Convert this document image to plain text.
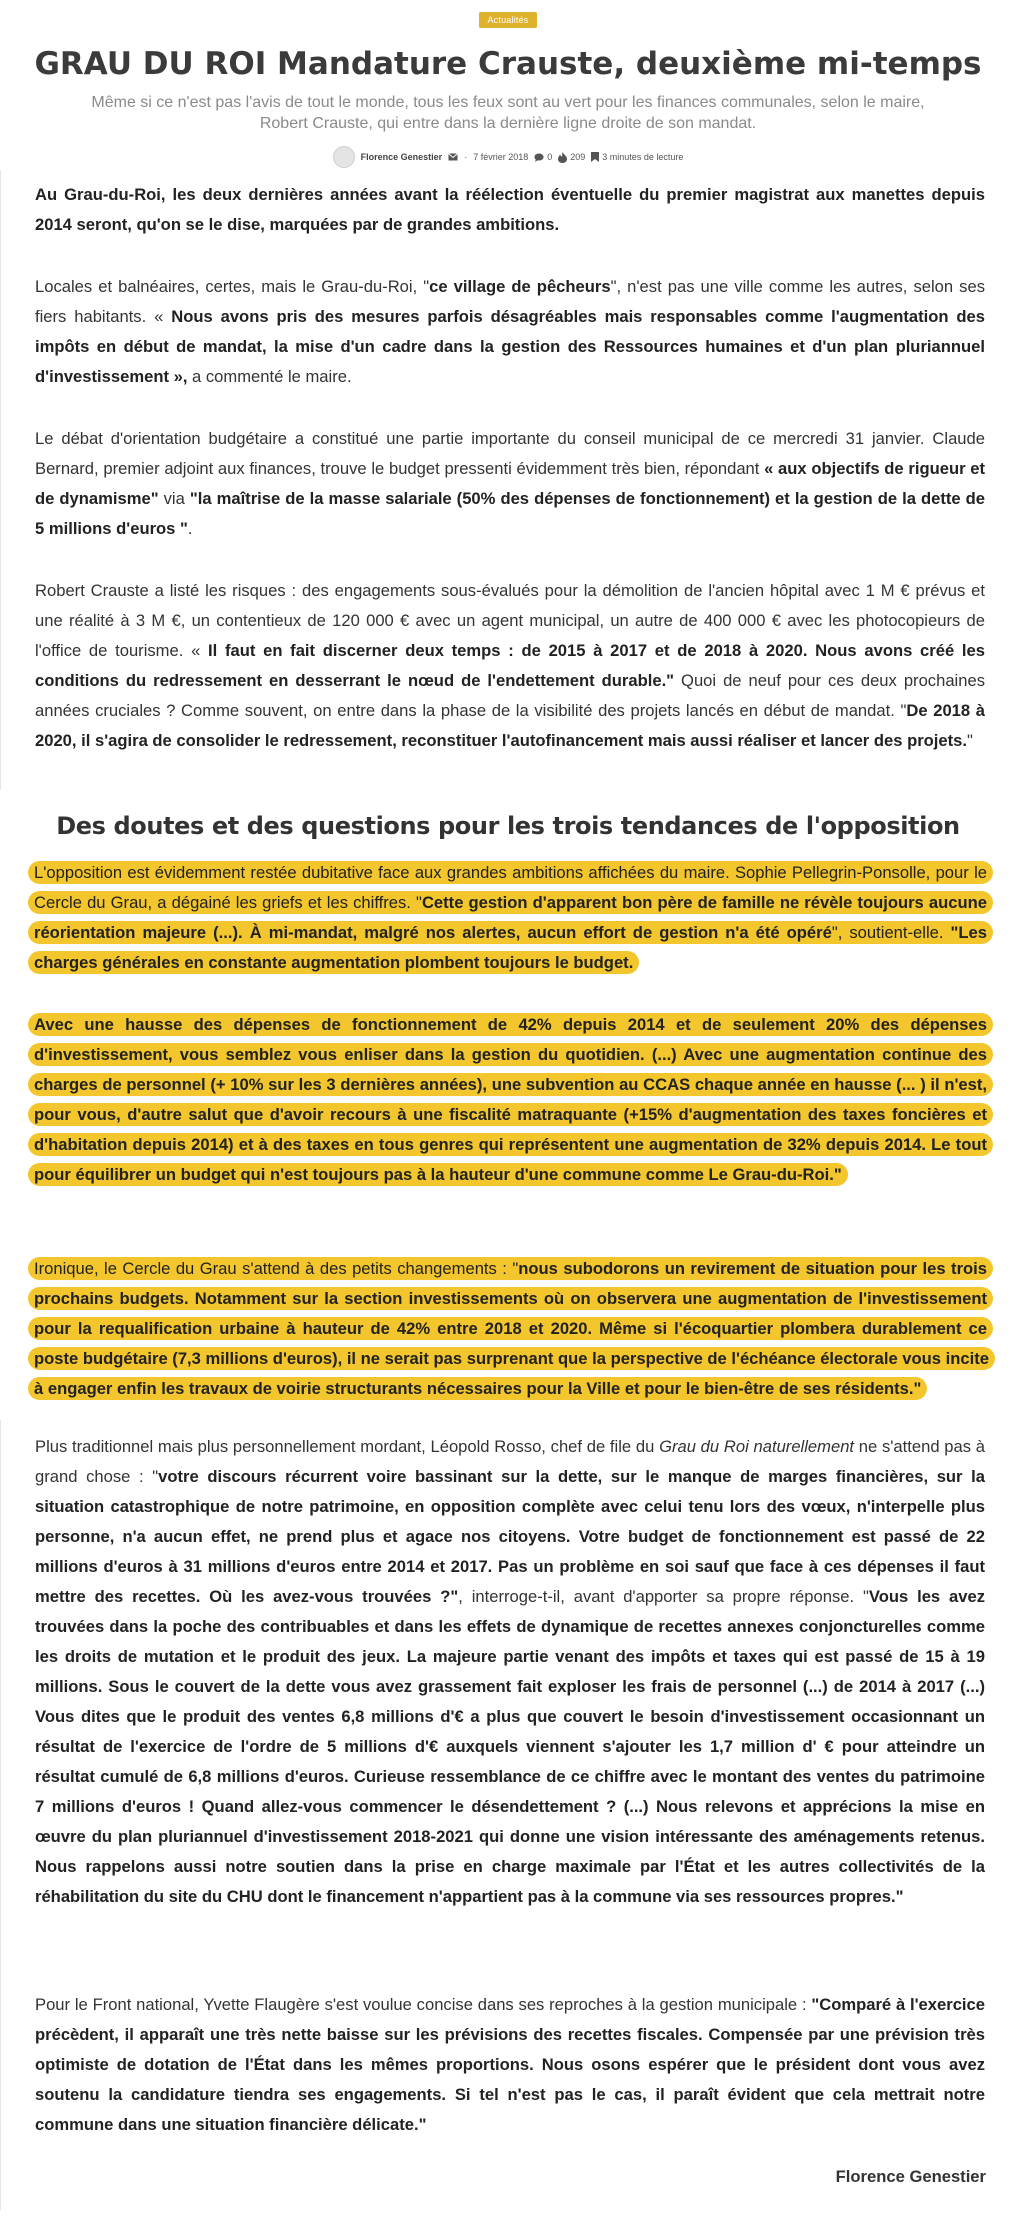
Actualités
GRAU DU ROI Mandature Crauste, deuxième mi-temps
Même si ce n'est pas l'avis de tout le monde, tous les feux sont au vert pour les finances communales, selon le maire, Robert Crauste, qui entre dans la dernière ligne droite de son mandat.
Florence Genestier · 7 février 2018 0 209 3 minutes de lecture

Au Grau-du-Roi, les deux dernières années avant la réélection éventuelle du premier magistrat aux manettes depuis 2014 seront, qu'on se le dise, marquées par de grandes ambitions.

Locales et balnéaires, certes, mais le Grau-du-Roi, "ce village de pêcheurs", n'est pas une ville comme les autres, selon ses fiers habitants. « Nous avons pris des mesures parfois désagréables mais responsables comme l'augmentation des impôts en début de mandat, la mise d'un cadre dans la gestion des Ressources humaines et d'un plan pluriannuel d'investissement », a commenté le maire.

Le débat d'orientation budgétaire a constitué une partie importante du conseil municipal de ce mercredi 31 janvier. Claude Bernard, premier adjoint aux finances, trouve le budget pressenti évidemment très bien, répondant « aux objectifs de rigueur et de dynamisme" via "la maîtrise de la masse salariale (50% des dépenses de fonctionnement) et la gestion de la dette de 5 millions d'euros ".

Robert Crauste a listé les risques : des engagements sous-évalués pour la démolition de l'ancien hôpital avec 1 M € prévus et une réalité à 3 M €, un contentieux de 120 000 € avec un agent municipal, un autre de 400 000 € avec les photocopieurs de l'office de tourisme. « Il faut en fait discerner deux temps : de 2015 à 2017 et de 2018 à 2020. Nous avons créé les conditions du redressement en desserrant le nœud de l'endettement durable." Quoi de neuf pour ces deux prochaines années cruciales ? Comme souvent, on entre dans la phase de la visibilité des projets lancés en début de mandat. "De 2018 à 2020, il s'agira de consolider le redressement, reconstituer l'autofinancement mais aussi réaliser et lancer des projets."

Des doutes et des questions pour les trois tendances de l'opposition

L'opposition est évidemment restée dubitative face aux grandes ambitions affichées du maire. Sophie Pellegrin-Ponsolle, pour le Cercle du Grau, a dégainé les griefs et les chiffres. "Cette gestion d'apparent bon père de famille ne révèle toujours aucune réorientation majeure (...). À mi-mandat, malgré nos alertes, aucun effort de gestion n'a été opéré", soutient-elle. "Les charges générales en constante augmentation plombent toujours le budget.

Avec une hausse des dépenses de fonctionnement de 42% depuis 2014 et de seulement 20% des dépenses d'investissement, vous semblez vous enliser dans la gestion du quotidien. (...) Avec une augmentation continue des charges de personnel (+ 10% sur les 3 dernières années), une subvention au CCAS chaque année en hausse (... ) il n'est, pour vous, d'autre salut que d'avoir recours à une fiscalité matraquante (+15% d'augmentation des taxes foncières et d'habitation depuis 2014) et à des taxes en tous genres qui représentent une augmentation de 32% depuis 2014. Le tout pour équilibrer un budget qui n'est toujours pas à la hauteur d'une commune comme Le Grau-du-Roi."

Ironique, le Cercle du Grau s'attend à des petits changements : "nous subodorons un revirement de situation pour les trois prochains budgets. Notamment sur la section investissements où on observera une augmentation de l'investissement pour la requalification urbaine à hauteur de 42% entre 2018 et 2020. Même si l'écoquartier plombera durablement ce poste budgétaire (7,3 millions d'euros), il ne serait pas surprenant que la perspective de l'échéance électorale vous incite à engager enfin les travaux de voirie structurants nécessaires pour la Ville et pour le bien-être de ses résidents."

Plus traditionnel mais plus personnellement mordant, Léopold Rosso, chef de file du Grau du Roi naturellement ne s'attend pas à grand chose : "votre discours récurrent voire bassinant sur la dette, sur le manque de marges financières, sur la situation catastrophique de notre patrimoine, en opposition complète avec celui tenu lors des vœux, n'interpelle plus personne, n'a aucun effet, ne prend plus et agace nos citoyens. Votre budget de fonctionnement est passé de 22 millions d'euros à 31 millions d'euros entre 2014 et 2017. Pas un problème en soi sauf que face à ces dépenses il faut mettre des recettes. Où les avez-vous trouvées ?", interroge-t-il, avant d'apporter sa propre réponse. "Vous les avez trouvées dans la poche des contribuables et dans les effets de dynamique de recettes annexes conjoncturelles comme les droits de mutation et le produit des jeux. La majeure partie venant des impôts et taxes qui est passé de 15 à 19 millions. Sous le couvert de la dette vous avez grassement fait exploser les frais de personnel (...) de 2014 à 2017 (...) Vous dites que le produit des ventes 6,8 millions d'€ a plus que couvert le besoin d'investissement occasionnant un résultat de l'exercice de l'ordre de 5 millions d'€ auxquels viennent s'ajouter les 1,7 million d' € pour atteindre un résultat cumulé de 6,8 millions d'euros. Curieuse ressemblance de ce chiffre avec le montant des ventes du patrimoine 7 millions d'euros ! Quand allez-vous commencer le désendettement ? (...) Nous relevons et apprécions la mise en œuvre du plan pluriannuel d'investissement 2018-2021 qui donne une vision intéressante des aménagements retenus. Nous rappelons aussi notre soutien dans la prise en charge maximale par l'État et les autres collectivités de la réhabilitation du site du CHU dont le financement n'appartient pas à la commune via ses ressources propres."

Pour le Front national, Yvette Flaugère s'est voulue concise dans ses reproches à la gestion municipale : "Comparé à l'exercice précèdent, il apparaît une très nette baisse sur les prévisions des recettes fiscales. Compensée par une prévision très optimiste de dotation de l'État dans les mêmes proportions. Nous osons espérer que le président dont vous avez soutenu la candidature tiendra ses engagements. Si tel n'est pas le cas, il paraît évident que cela mettrait notre commune dans une situation financière délicate."

Florence Genestier
